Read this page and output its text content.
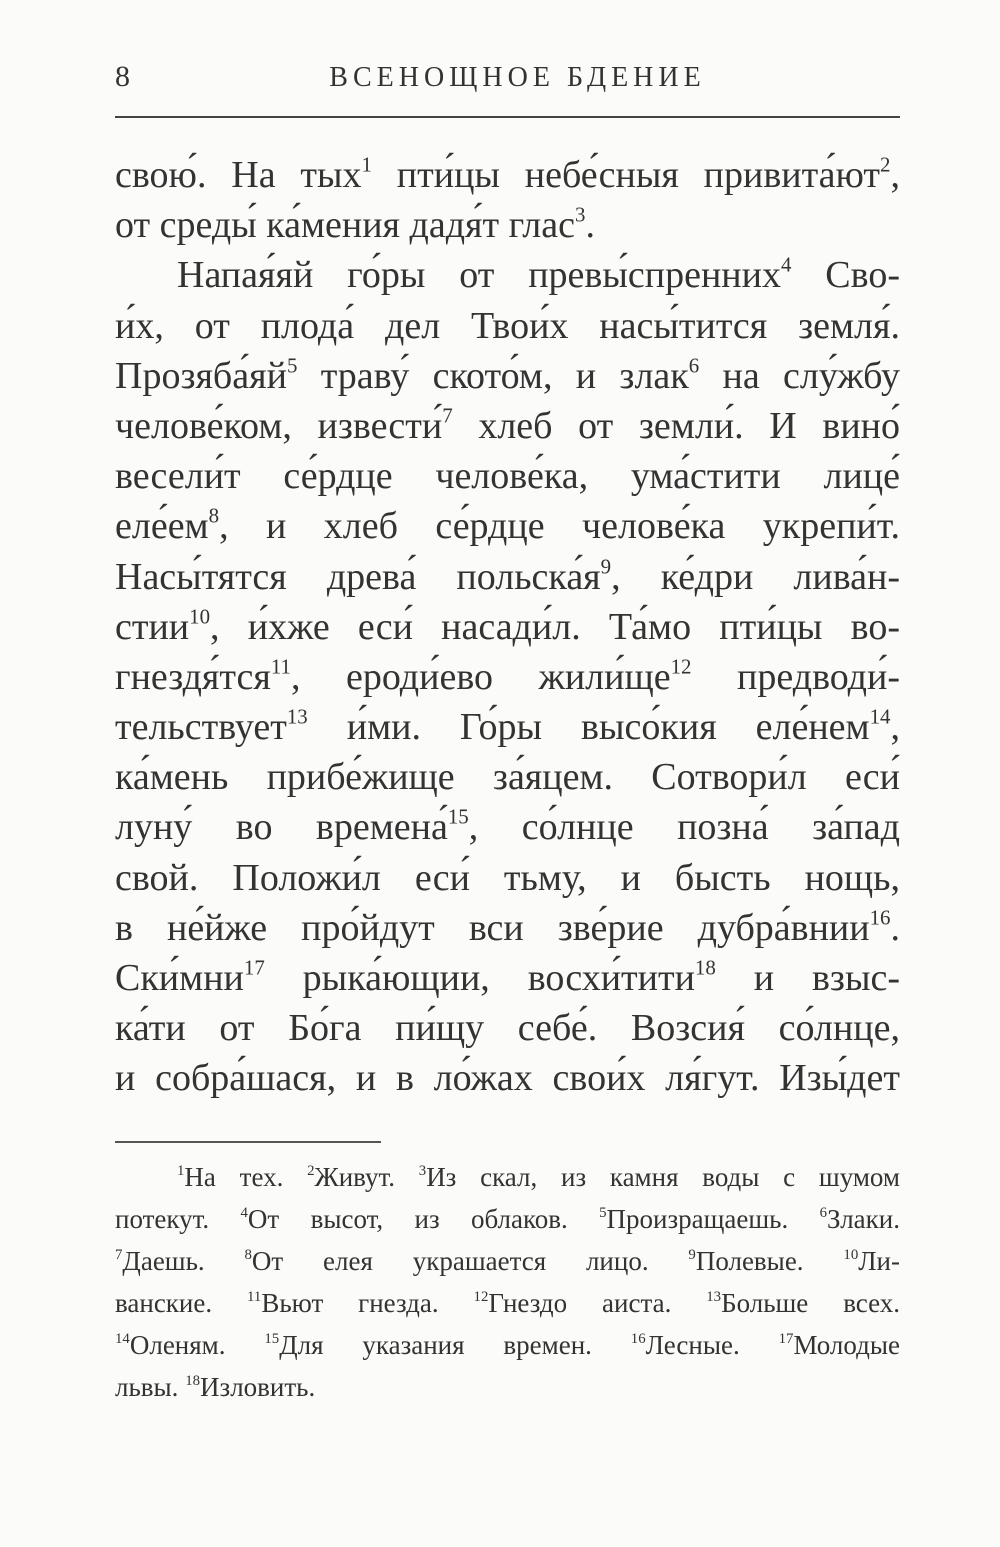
8	ВСЕНОЩНОЕ БДЕНИЕ
свою́. На тых$^1$ пти́цы небе́сныя $привита́ют^2$,
от среды́ ка́мения дадя́т глас$^3$.
Напая́яй го́ры от превы́спренних$^4$ Сво-
и́х, от плода́ дел Твои́х насы́тится земля́.
$Прозяба́яй^5$ траву́ ското́м, и злак$^6$ на слу́жбу
челове́ком, извести́$^7$ хлеб от земли́. И вино́
весели́т се́рдце челове́ка, ума́стити лице́
$еле́ем^8$, и хлеб се́рдце челове́ка укрепи́т.
Насы́тятся древа́ $польска́я^9$, ке́дри лива́н-
стии$^{10}$, и́хже еси́ насади́л. Та́мо пти́цы во-
гнездя́тся$^{11}$, ероди́ево $жили́ще^{12}$ предводи́-
тельствует$^{13}$ и́ми. Го́ры высо́кия еле́нем$^{14}$,
ка́мень прибе́жище за́яцем. Сотвори́л еси́
луну́ во времена́$^{15}$, со́лнце позна́ за́пад
свой. Положи́л еси́ тьму, и бысть нощь,
в не́йже про́йдут вси зве́рие дубра́внии$^{16}$.
Ски́мни$^{17}$ рыка́ющии, восхи́тити$^{18}$ и взыс-
ка́ти от Бо́га пи́щу себе́. Возсия́ со́лнце,
и собра́шася, и в ло́жах свои́х ля́гут. Изы́дет
$^1$На тех. $^2$Живут. $^3$Из скал, из камня воды с шумом
потекут. $^4$От высот, из облаков. $^5$Произращаешь. $^6$Злаки.
$^7$Даешь. $^8$От елея украшается лицо. $^9$Полевые. $^{10}$Ли-
ванские. $^{11}$Вьют гнезда. $^{12}$Гнездо аиста. $^{13}$Больше всех.
$^{14}$Оленям. $^{15}$Для указания времен. $^{16}$Лесные. $^{17}$Молодые
львы. $^{18}$Изловить.
